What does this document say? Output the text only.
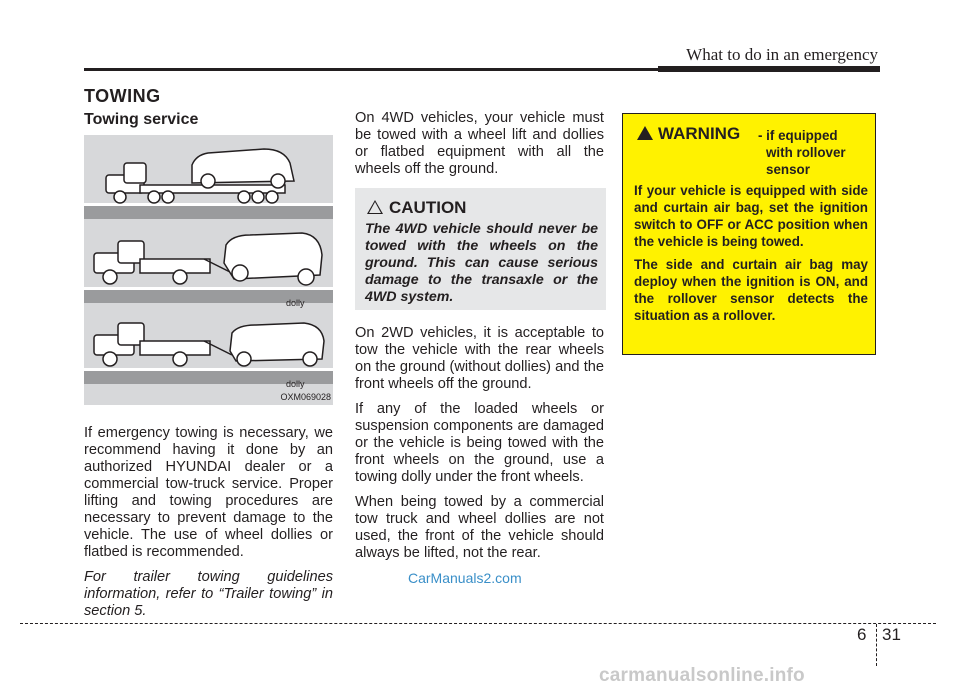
What to do in an emergency
TOWING
Towing service
dolly
dolly
OXM069028

If emergency towing is necessary, we recommend having it done by an authorized HYUNDAI dealer or a commercial tow-truck service. Proper lifting and towing procedures are necessary to prevent damage to the vehicle. The use of wheel dollies or flatbed is recommended.

For trailer towing guidelines information, refer to “Trailer towing” in section 5.

On 4WD vehicles, your vehicle must be towed with a wheel lift and dollies or flatbed equipment with all the wheels off the ground.

CAUTION
The 4WD vehicle should never be towed with the wheels on the ground. This can cause serious damage to the transaxle or the 4WD system.

On 2WD vehicles, it is acceptable to tow the vehicle with the rear wheels on the ground (without dollies) and the front wheels off the ground.

If any of the loaded wheels or suspension components are damaged or the vehicle is being towed with the front wheels on the ground, use a towing dolly under the front wheels.

When being towed by a commercial tow truck and wheel dollies are not used, the front of the vehicle should always be lifted, not the rear.

WARNING - if equipped
with rollover
sensor

If your vehicle is equipped with side and curtain air bag, set the ignition switch to OFF or ACC position when the vehicle is being towed.

The side and curtain air bag may deploy when the ignition is ON, and the rollover sensor detects the situation as a rollover.

CarManuals2.com
6 31
carmanualsonline.info
